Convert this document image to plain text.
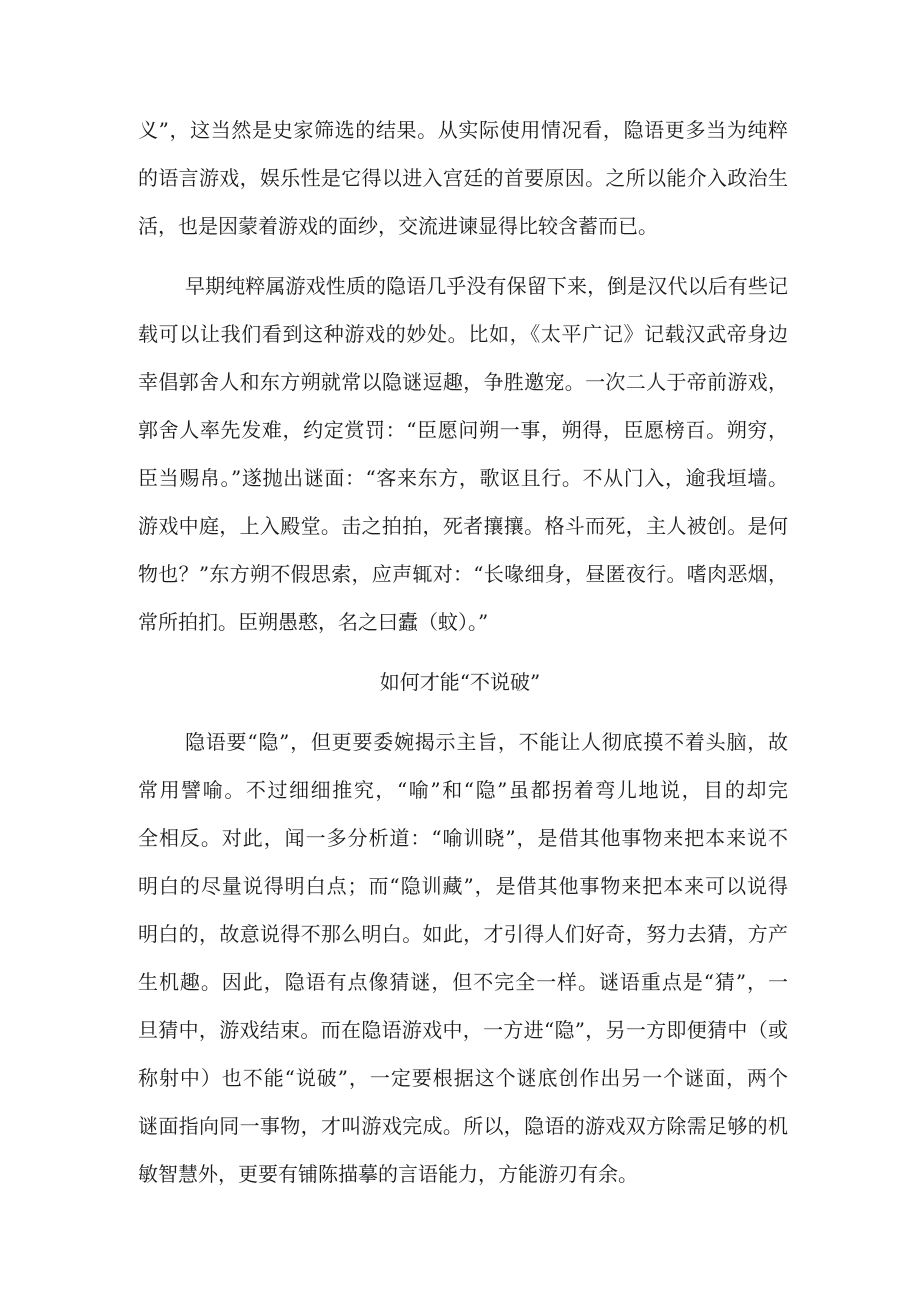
义”，这当然是史家筛选的结果。从实际使用情况看，隐语更多当为纯粹
的语言游戏，娱乐性是它得以进入宫廷的首要原因。之所以能介入政治生
活，也是因蒙着游戏的面纱，交流进谏显得比较含蓄而已。
早期纯粹属游戏性质的隐语几乎没有保留下来，倒是汉代以后有些记
载可以让我们看到这种游戏的妙处。比如，《太平广记》记载汉武帝身边
幸倡郭舍人和东方朔就常以隐谜逗趣，争胜邀宠。一次二人于帝前游戏，
郭舍人率先发难，约定赏罚：“臣愿问朔一事，朔得，臣愿榜百。朔穷，
臣当赐帛。”遂抛出谜面：“客来东方，歌讴且行。不从门入，逾我垣墙。
游戏中庭，上入殿堂。击之拍拍，死者攘攘。格斗而死，主人被创。是何
物也？”东方朔不假思索，应声辄对：“长喙细身，昼匿夜行。嗜肉恶烟，
常所拍扪。臣朔愚憨，名之曰蠹（蚊）。”
如何才能“不说破”
隐语要“隐”，但更要委婉揭示主旨，不能让人彻底摸不着头脑，故
常用譬喻。不过细细推究，“喻”和“隐”虽都拐着弯儿地说，目的却完
全相反。对此，闻一多分析道：“喻训晓”，是借其他事物来把本来说不
明白的尽量说得明白点；而“隐训藏”，是借其他事物来把本来可以说得
明白的，故意说得不那么明白。如此，才引得人们好奇，努力去猜，方产
生机趣。因此，隐语有点像猜谜，但不完全一样。谜语重点是“猜”，一
旦猜中，游戏结束。而在隐语游戏中，一方进“隐”，另一方即便猜中（或
称射中）也不能“说破”，一定要根据这个谜底创作出另一个谜面，两个
谜面指向同一事物，才叫游戏完成。所以，隐语的游戏双方除需足够的机
敏智慧外，更要有铺陈描摹的言语能力，方能游刃有余。
